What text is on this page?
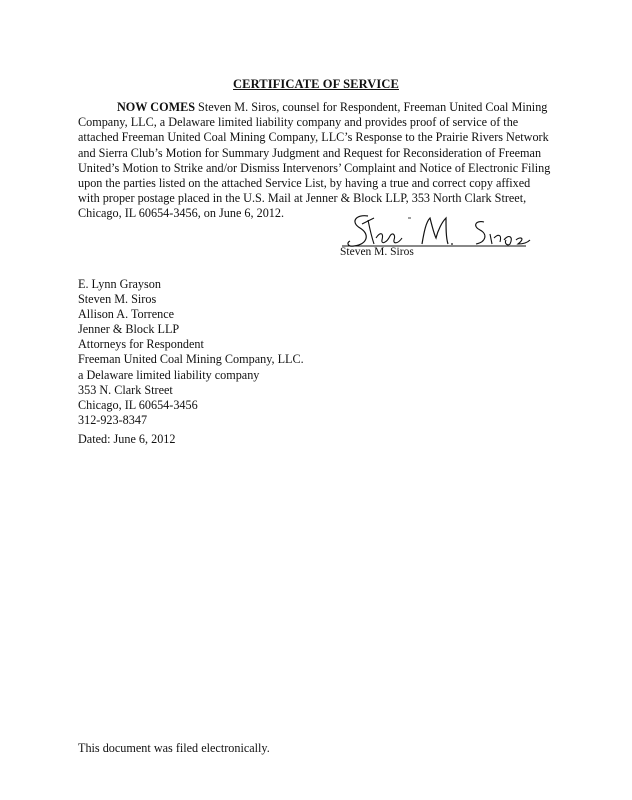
CERTIFICATE OF SERVICE
NOW COMES Steven M. Siros, counsel for Respondent, Freeman United Coal Mining
Company, LLC, a Delaware limited liability company and provides proof of service of the
attached Freeman United Coal Mining Company, LLC’s Response to the Prairie Rivers Network
and Sierra Club’s Motion for Summary Judgment and Request for Reconsideration of Freeman
United’s Motion to Strike and/or Dismiss Intervenors’ Complaint and Notice of Electronic Filing
upon the parties listed on the attached Service List, by having a true and correct copy affixed
with proper postage placed in the U.S. Mail at Jenner & Block LLP, 353 North Clark Street,
Chicago, IL 60654-3456, on June 6, 2012.
Steven M. Siros
E. Lynn Grayson
Steven M. Siros
Allison A. Torrence
Jenner & Block LLP
Attorneys for Respondent
Freeman United Coal Mining Company, LLC.
a Delaware limited liability company
353 N. Clark Street
Chicago, IL 60654-3456
312-923-8347
Dated: June 6, 2012
This document was filed electronically.
